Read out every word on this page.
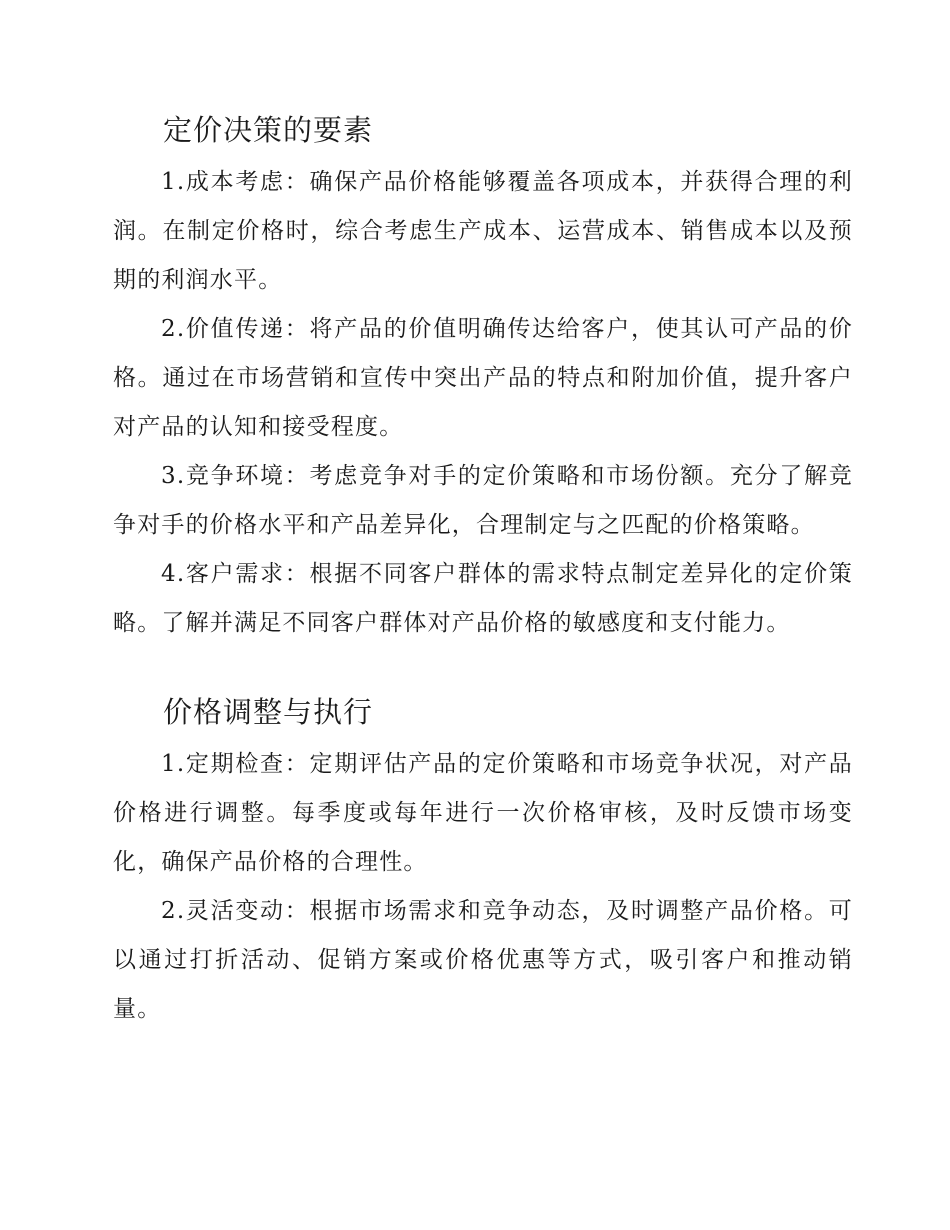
定价决策的要素

1.成本考虑：确保产品价格能够覆盖各项成本，并获得合理的利润。在制定价格时，综合考虑生产成本、运营成本、销售成本以及预期的利润水平。

2.价值传递：将产品的价值明确传达给客户，使其认可产品的价格。通过在市场营销和宣传中突出产品的特点和附加价值，提升客户对产品的认知和接受程度。

3.竞争环境：考虑竞争对手的定价策略和市场份额。充分了解竞争对手的价格水平和产品差异化，合理制定与之匹配的价格策略。

4.客户需求：根据不同客户群体的需求特点制定差异化的定价策略。了解并满足不同客户群体对产品价格的敏感度和支付能力。

价格调整与执行

1.定期检查：定期评估产品的定价策略和市场竞争状况，对产品价格进行调整。每季度或每年进行一次价格审核，及时反馈市场变化，确保产品价格的合理性。

2.灵活变动：根据市场需求和竞争动态，及时调整产品价格。可以通过打折活动、促销方案或价格优惠等方式，吸引客户和推动销量。
